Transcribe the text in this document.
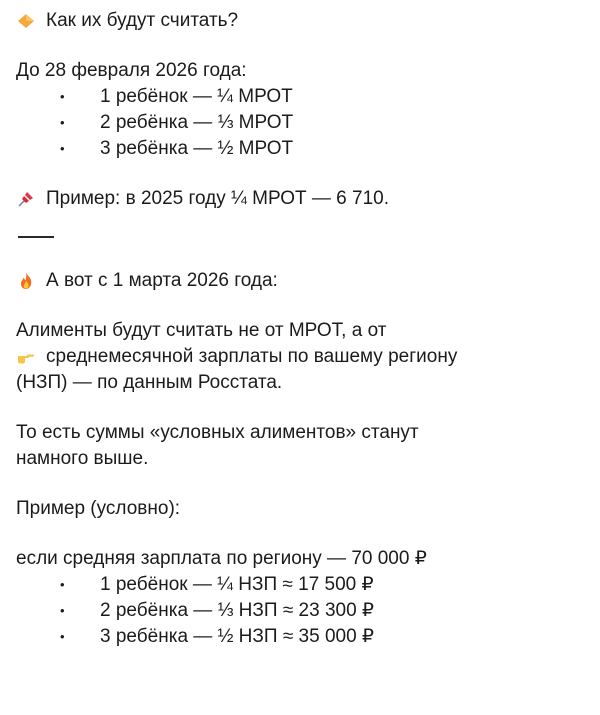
Как их будут считать?

До 28 февраля 2026 года:

• 1 ребёнок — ¼ МРОТ
• 2 ребёнка — ⅓ МРОТ
• 3 ребёнка — ½ МРОТ
Пример: в 2025 году ¼ МРОТ — 6 710.
А вот с 1 марта 2026 года:

Алименты будут считать не от МРОТ, а от

среднемесячной зарплаты по вашему региону

(НЗП) — по данным Росстата.

То есть суммы «условных алиментов» станут

намного выше.

Пример (условно):

если средняя зарплата по региону — 70 000 ₽

• 1 ребёнок — ¼ НЗП ≈ 17 500 ₽
• 2 ребёнка — ⅓ НЗП ≈ 23 300 ₽
• 3 ребёнка — ½ НЗП ≈ 35 000 ₽
